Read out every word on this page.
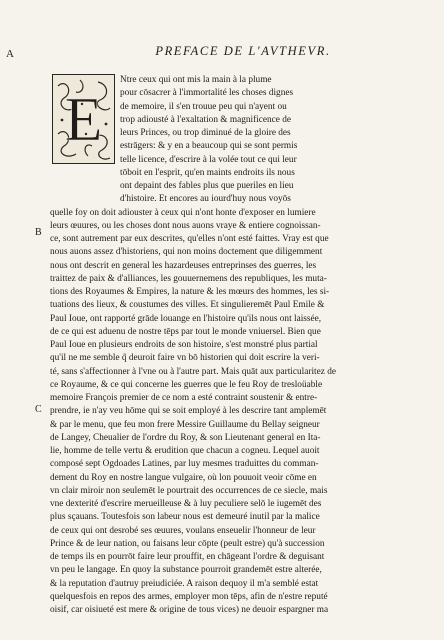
A
B
C
PREFACE DE L'AVTHEVR.
E
Ntre ceux qui ont mis la main à la plume
pour cōsacrer à l'immortalité les choses dignes
de memoire, il s'en trouue peu qui n'ayent ou
trop adiousté à l'exaltation & magnificence de
leurs Princes, ou trop diminué de la gloire des
estrāgers: & y en a beaucoup qui se sont permis
telle licence, d'escrire à la volée tout ce qui leur
tōboit en l'esprit, qu'en maints endroits ils nous
ont depaint des fables plus que pueriles en lieu
d'histoire. Et encores au iourd'huy nous voyōs
quelle foy on doit adiouster à ceux qui n'ont honte d'exposer en lumiere
leurs œuures, ou les choses dont nous auons vraye & entiere cognoissan-
ce, sont autrement par eux descrites, qu'elles n'ont esté faittes. Vray est que
nous auons assez d'historiens, qui non moins doctement que diligemment
nous ont descrit en general les hazardeuses entreprinses des guerres, les
traittez de paix & d'alliances, les gouuernemens des republiques, les muta-
tions des Royaumes & Empires, la nature & les mœurs des hommes, les si-
tuations des lieux, & coustumes des villes. Et singulieremēt Paul Emile &
Paul Ioue, ont rapporté grāde louange en l'histoire qu'ils nous ont laissée,
de ce qui est aduenu de nostre tēps par tout le monde vniuersel. Bien que
Paul Ioue en plusieurs endroits de son histoire, s'est monstré plus partial
qu'il ne me semble q̃ deuroit faire vn bō historien qui doit escrire la veri-
té, sans s'affectionner à l'vne ou à l'autre part. Mais quāt aux particularitez de
ce Royaume, & ce qui concerne les guerres que le feu Roy de tresloüable
memoire François premier de ce nom a esté contraint soustenir & entre-
prendre, ie n'ay veu hōme qui se soit employé à les descrire tant amplemēt
& par le menu, que feu mon frere Messire Guillaume du Bellay seigneur
de Langey, Cheualier de l'ordre du Roy, & son Lieutenant general en Ita-
lie, homme de telle vertu & erudition que chacun a cogneu. Lequel auoit
composé sept Ogdoades Latines, par luy mesmes traduittes du comman-
dement du Roy en nostre langue vulgaire, où lon pouuoit veoir cōme en
vn clair miroir non seulemēt le pourtrait des occurrences de ce siecle, mais
vne dexterité d'escrire merueilleuse & à luy peculiere selō le iugemēt des
plus sçauans. Toutesfois son labeur nous est demeuré inutil par la malice
de ceux qui ont desrobé ses œuures, voulans enseuelir l'honneur de leur
Prince & de leur nation, ou faisans leur cōpte (peult estre) qu'à succession
de temps ils en pourrōt faire leur prouffit, en chāgeant l'ordre & deguisant
vn peu le langage. En quoy la substance pourroit grandemēt estre alterée,
& la reputation d'autruy preiudiciée. A raison dequoy il m'a semblé estat
quelquesfois en repos des armes, employer mon tēps, afin de n'estre reputé
oisif, car oisiueté est mere & origine de tous vices) ne deuoir espargner ma
